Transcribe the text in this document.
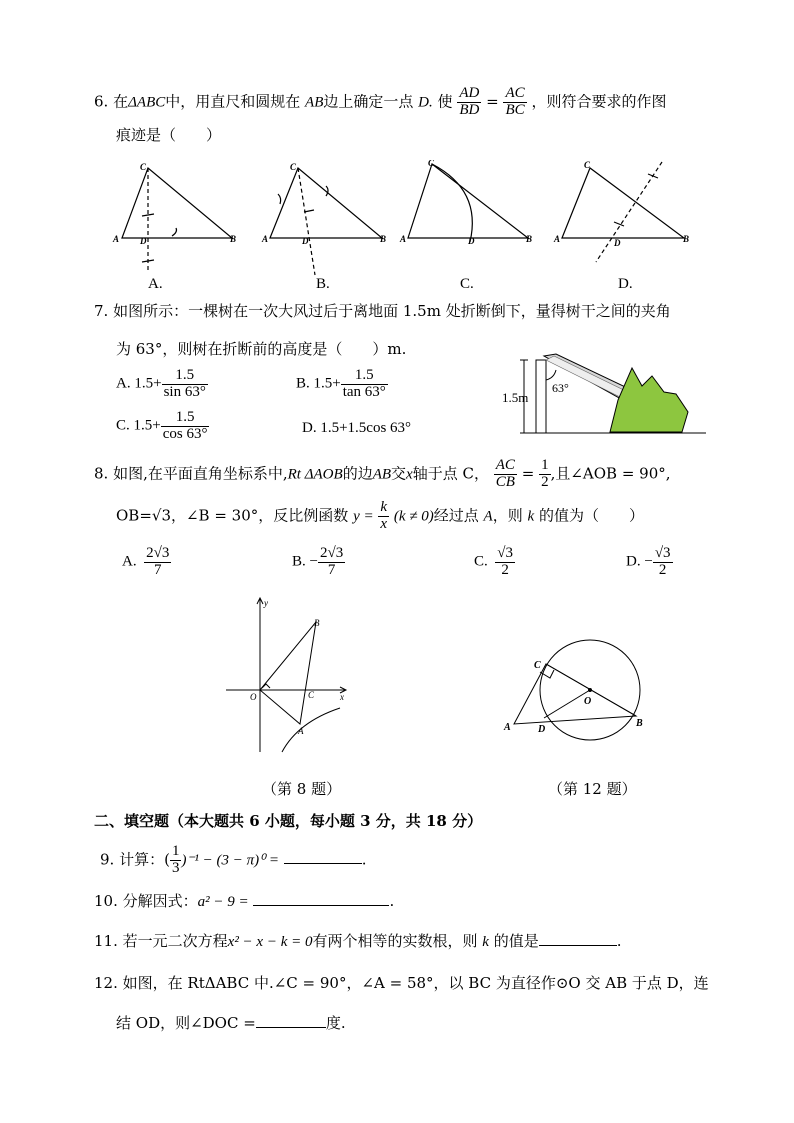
6. 在ΔABC中，用直尺和圆规在 AB边上确定一点 D. 使 $\frac{AD}{BD} = \frac{AC}{BC}$ ，则符合要求的作图
痕迹是（　　）
C
A D	B
C
A	D	B
C
A	D	B
C
A	D	B
A.	B.	C.	D.
7. 如图所示：一棵树在一次大风过后于离地面 1.5m 处折断倒下，量得树干之间的夹角
为 63°，则树在折断前的高度是（　　）m.
A. $1.5+ \frac{1.5}{\sin 63^\circ}$	B. $1.5+ \frac{1.5}{\tan 63^\circ}$
C. $1.5+ \frac{1.5}{\cos 63^\circ}$	D. 1.5+1.5cos 63°
1.5m
63°
8. 如图,在平面直角坐标系中,Rt ΔAOB的边AB交x轴于点 C， $\frac{AC}{CB} = \frac{1}{2}$ ,且∠AOB = 90°,
OB=√3，∠B = 30°，反比例函数 $y = \frac{k}{x} (k \ne 0)$经过点 A，则 k 的值为（　　）
A. $\frac{2√3}{7}$	B. − $\frac{2√3}{7}$	C. $\frac{√3}{2}$	D. − $\frac{√3}{2}$
y
x
O
B
C
A
C
A	D
O
B
（第 8 题）	（第 12 题）
二、填空题（本大题共 6 小题，每小题 3 分，共 18 分）
9. 计算：( $\frac{1}{3} )^{-1} - (3 - \pi)^0$ =	.
10. 分解因式：a² − 9 =	.
11. 若一元二次方程x² − x − k = 0有两个相等的实数根，则 k 的值是	.
12. 如图，在 RtΔABC 中.∠C = 90°，∠A = 58°，以 BC 为直径作⊙O 交 AB 于点 D，连
结 OD，则∠DOC =	度.
